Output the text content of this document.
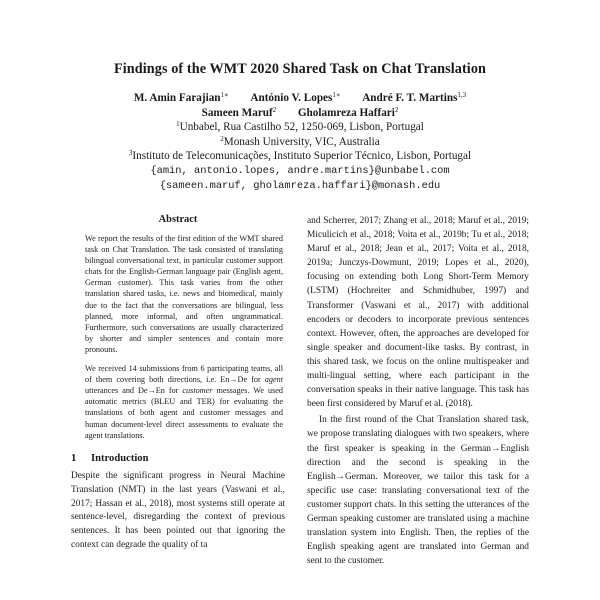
Findings of the WMT 2020 Shared Task on Chat Translation
M. Amin Farajian$^{1∗}$ António V. Lopes$^{1∗}$ André F. T. Martins$^{1,3}$
Sameen Maruf$^2$ Gholamreza Haffari$^2$
$^1$Unbabel, Rua Castilho 52, 1250-069, Lisbon, Portugal
$^2$Monash University, VIC, Australia
$^3$Instituto de Telecomunicações, Instituto Superior Técnico, Lisbon, Portugal
{amin, antonio.lopes, andre.martins}@unbabel.com
{sameen.maruf, gholamreza.haffari}@monash.edu
Abstract

We report the results of the first edition of the WMT shared task on Chat Translation. The task consisted of translating bilingual conversational text, in particular customer support chats for the English-German language pair (English agent, German customer). This task varies from the other translation shared tasks, i.e. news and biomedical, mainly due to the fact that the conversations are bilingual, less planned, more informal, and often ungrammatical. Furthermore, such conversations are usually characterized by shorter and simpler sentences and contain more pronouns.

We received 14 submissions from 6 participating teams, all of them covering both directions, i.e. En→De for agent utterances and De→En for customer messages. We used automatic metrics (BLEU and TER) for evaluating the translations of both agent and customer messages and human document-level direct assessments to evaluate the agent translations.

1 Introduction

Despite the significant progress in Neural Machine Translation (NMT) in the last years (Vaswani et al., 2017; Hassan et al., 2018), most systems still operate at sentence-level, disregarding the context of previous sentences. It has been pointed out that ignoring the context can degrade the quality of ta

and Scherrer, 2017; Zhang et al., 2018; Maruf et al., 2019; Miculicich et al., 2018; Voita et al., 2019b; Tu et al., 2018; Maruf et al., 2018; Jean et al., 2017; Voita et al., 2018, 2019a; Junczys-Dowmunt, 2019; Lopes et al., 2020), focusing on extending both Long Short-Term Memory (LSTM) (Hochreiter and Schmidhuber, 1997) and Transformer (Vaswani et al., 2017) with additional encoders or decoders to incorporate previous sentences context. However, often, the approaches are developed for single speaker and document-like tasks. By contrast, in this shared task, we focus on the online multispeaker and multi-lingual setting, where each participant in the conversation speaks in their native language. This task has been first considered by Maruf et al. (2018).

In the first round of the Chat Translation shared task, we propose translating dialogues with two speakers, where the first speaker is speaking in the German→English direction and the second is speaking in the English→German. Moreover, we tailor this task for a specific use case: translating conversational text of the customer support chats. In this setting the utterances of the German speaking customer are translated using a machine translation system into English. Then, the replies of the English speaking agent are translated into German and sent to the customer.
